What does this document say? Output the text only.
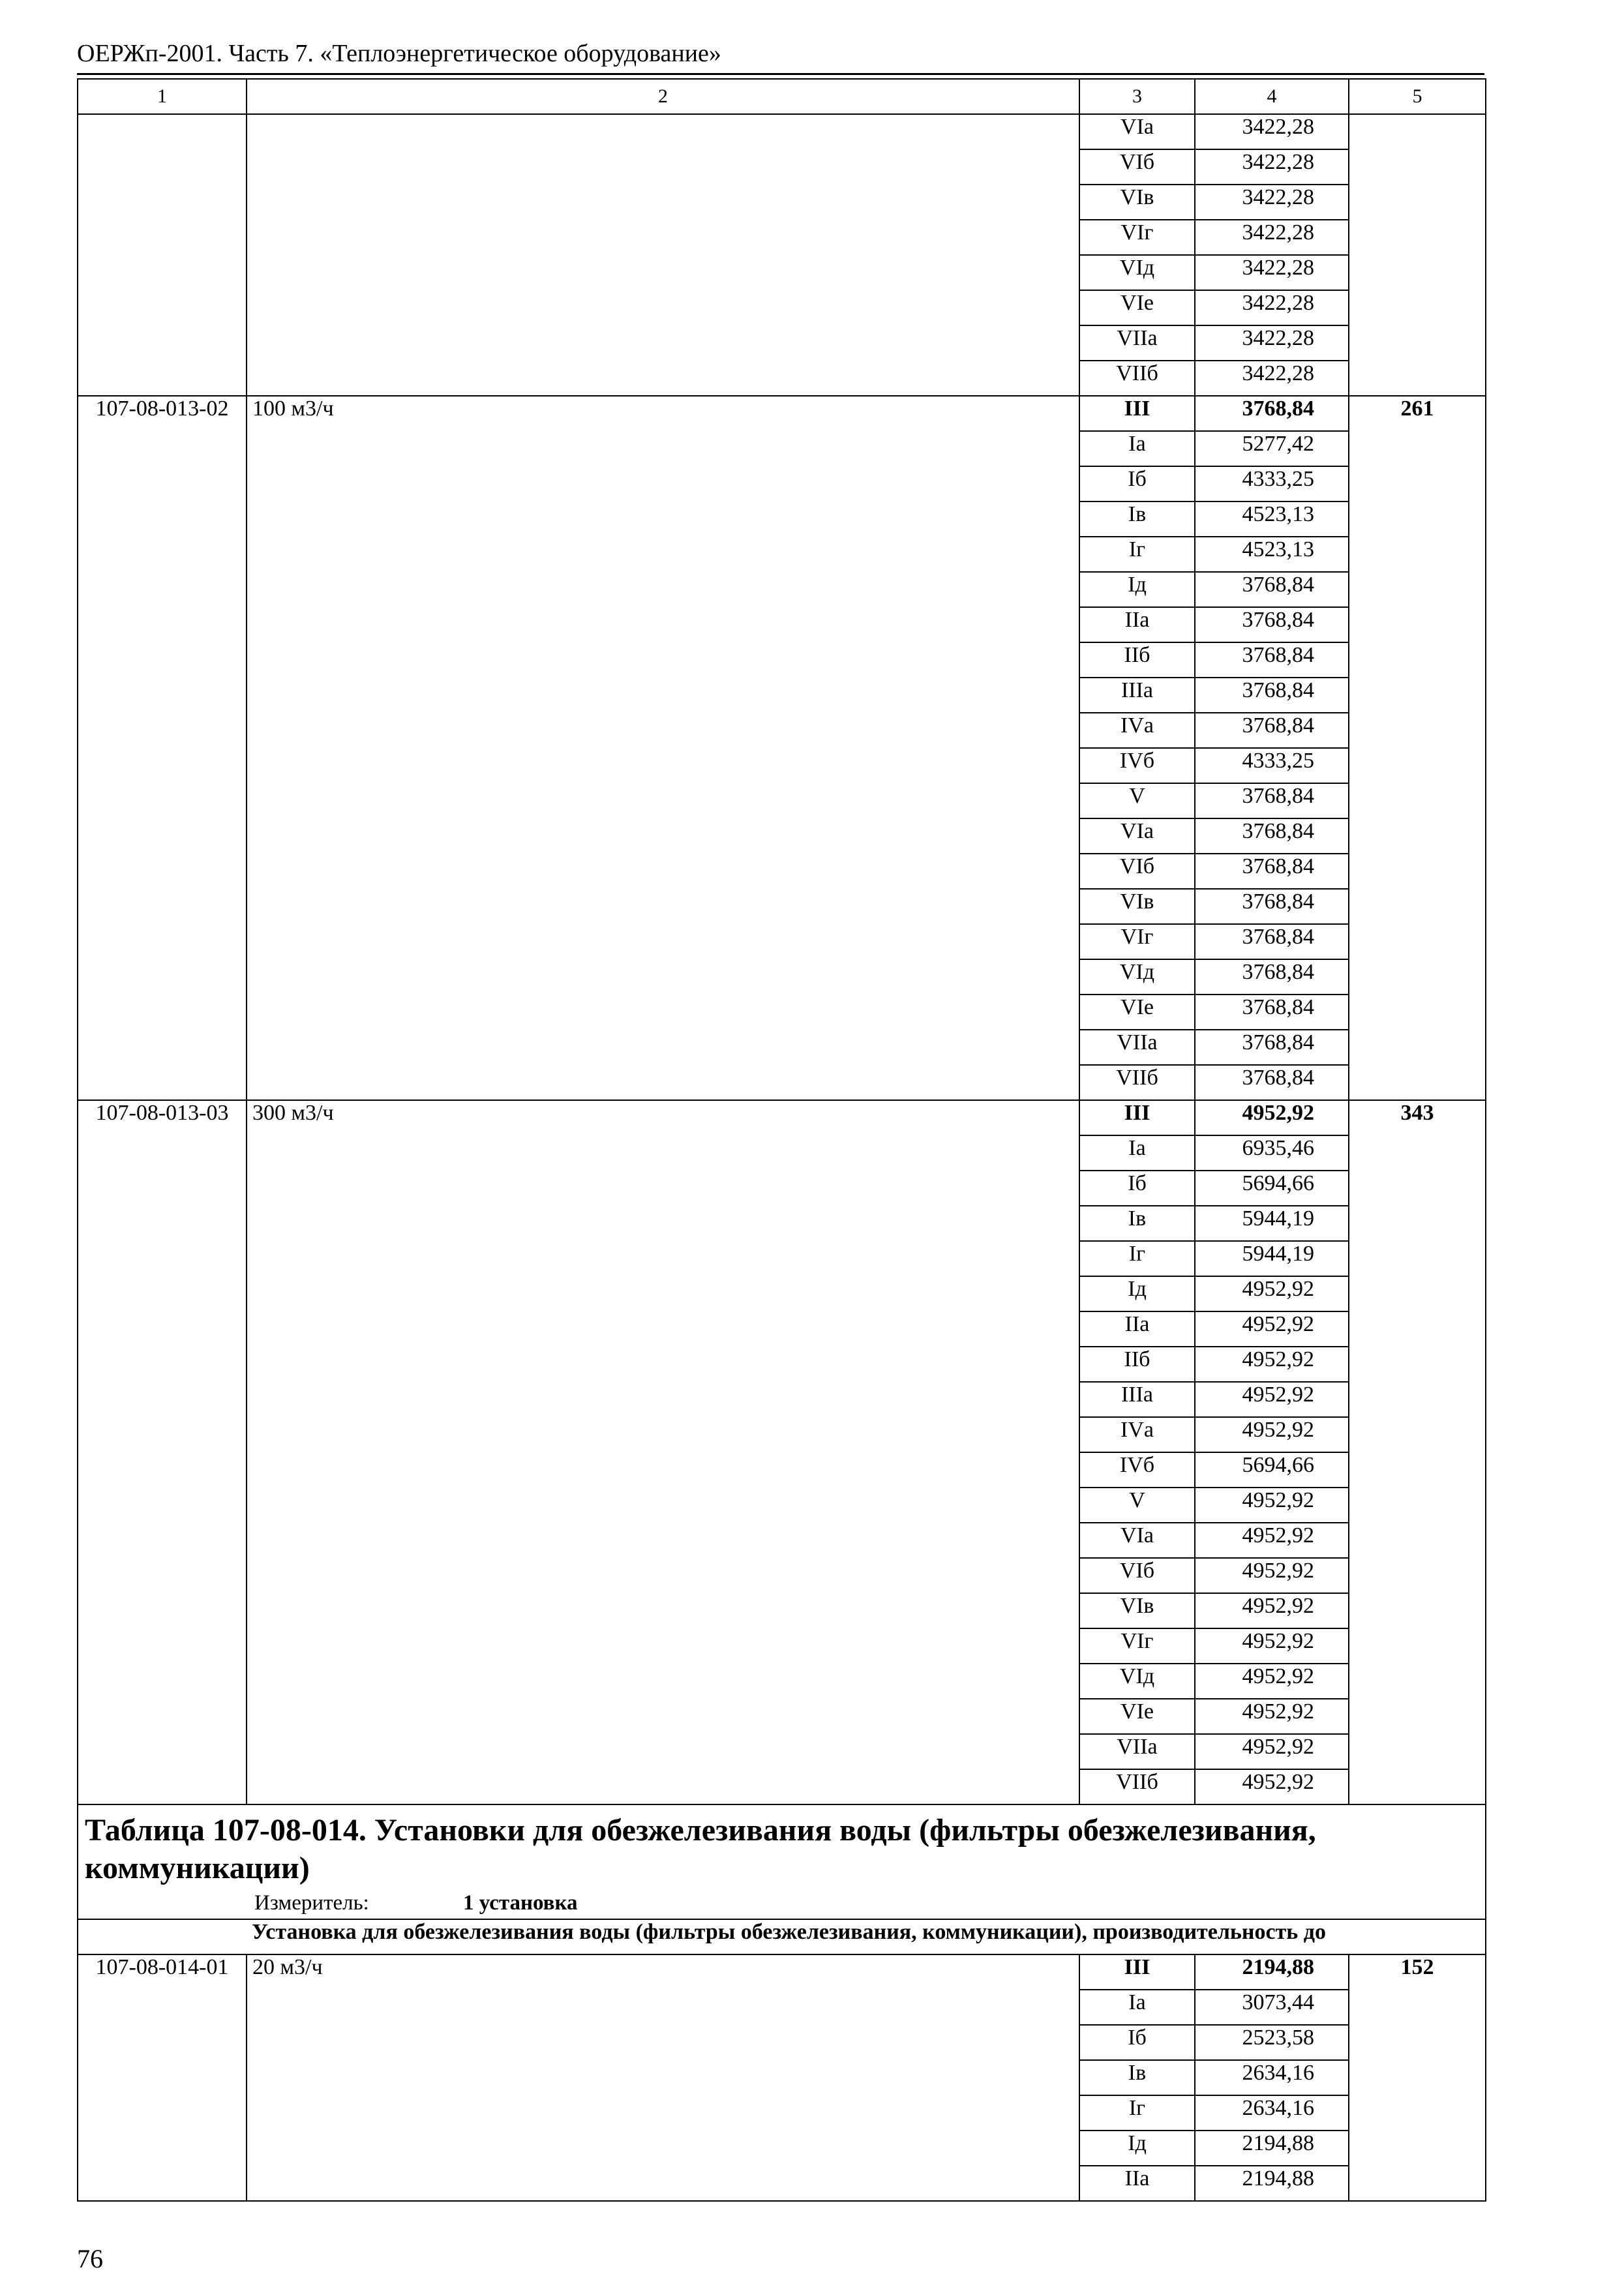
ОЕРЖп-2001. Часть 7. «Теплоэнергетическое оборудование»
1	2	3	4	5
		VIа	3422,28	
		VIб	3422,28	
		VIв	3422,28	
		VIг	3422,28	
		VIд	3422,28	
		VIе	3422,28	
		VIIа	3422,28	
		VIIб	3422,28	
107-08-013-02	100 м3/ч	III	3768,84	261
		Iа	5277,42	
		Iб	4333,25	
		Iв	4523,13	
		Iг	4523,13	
		Iд	3768,84	
		IIа	3768,84	
		IIб	3768,84	
		IIIа	3768,84	
		IVа	3768,84	
		IVб	4333,25	
		V	3768,84	
		VIа	3768,84	
		VIб	3768,84	
		VIв	3768,84	
		VIг	3768,84	
		VIд	3768,84	
		VIе	3768,84	
		VIIа	3768,84	
		VIIб	3768,84	
107-08-013-03	300 м3/ч	III	4952,92	343
		Iа	6935,46	
		Iб	5694,66	
		Iв	5944,19	
		Iг	5944,19	
		Iд	4952,92	
		IIа	4952,92	
		IIб	4952,92	
		IIIа	4952,92	
		IVа	4952,92	
		IVб	5694,66	
		V	4952,92	
		VIа	4952,92	
		VIб	4952,92	
		VIв	4952,92	
		VIг	4952,92	
		VIд	4952,92	
		VIе	4952,92	
		VIIа	4952,92	
		VIIб	4952,92	

Таблица 107-08-014. Установки для обезжелезивания воды (фильтры обезжелезивания, коммуникации)
Измеритель: 1 установка				

	Установка для обезжелезивания воды (фильтры обезжелезивания, коммуникации), производительность до			
107-08-014-01	20 м3/ч	III	2194,88	152
		Iа	3073,44	
		Iб	2523,58	
		Iв	2634,16	
		Iг	2634,16	
		Iд	2194,88	
		IIа	2194,88	
76
